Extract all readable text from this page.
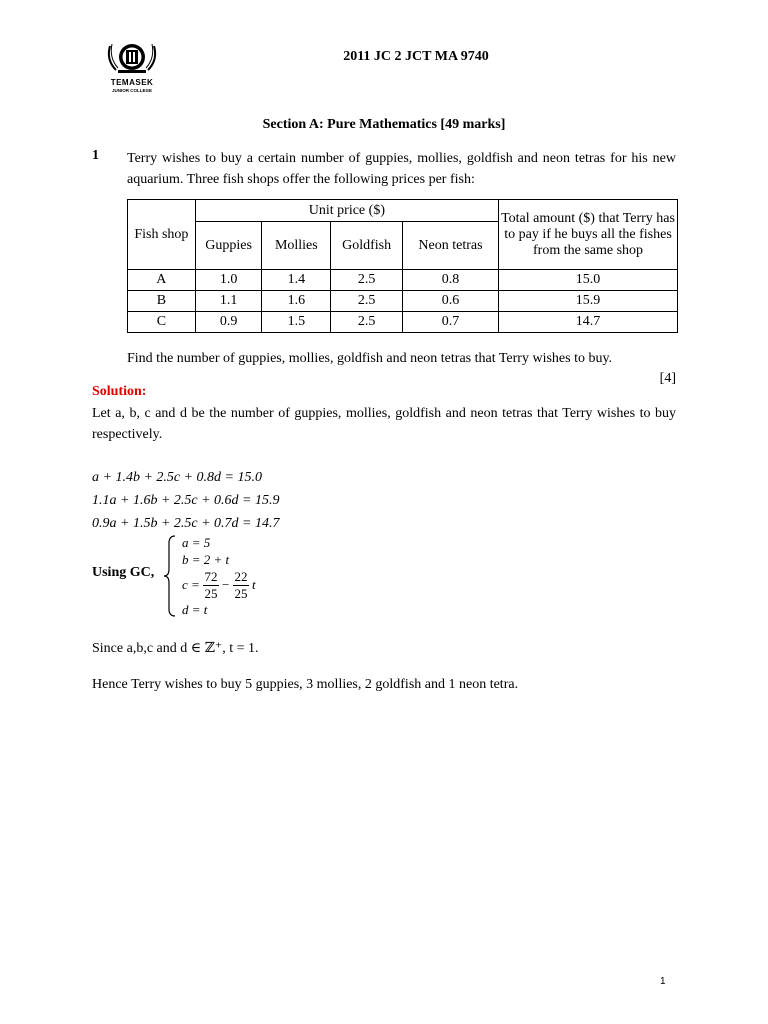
TEMASEK
JUNIOR COLLEGE
2011 JC 2 JCT MA 9740
Section A: Pure Mathematics [49 marks]
1 Terry wishes to buy a certain number of guppies, mollies, goldfish and neon tetras for his new aquarium. Three fish shops offer the following prices per fish:
Fish shop	Unit price ($)				Total amount ($) that Terry has to pay if he buys all the fishes from the same shop
	Guppies	Mollies	Goldfish	Neon tetras	
A	1.0	1.4	2.5	0.8	15.0
B	1.1	1.6	2.5	0.6	15.9
C	0.9	1.5	2.5	0.7	14.7
Find the number of guppies, mollies, goldfish and neon tetras that Terry wishes to buy.
[4]
Solution:
Let a, b, c and d be the number of guppies, mollies, goldfish and neon tetras that Terry wishes to buy respectively.
a + 1.4b + 2.5c + 0.8d = 15.0
1.1a + 1.6b + 2.5c + 0.6d = 15.9
0.9a + 1.5b + 2.5c + 0.7d = 14.7
Using GC,
a = 5
b = 2 + t
c =
72
25
−
22
25
t
d = t
Since a,b,c and d ∈ ℤ⁺, t = 1.
Hence Terry wishes to buy 5 guppies, 3 mollies, 2 goldfish and 1 neon tetra.
1
